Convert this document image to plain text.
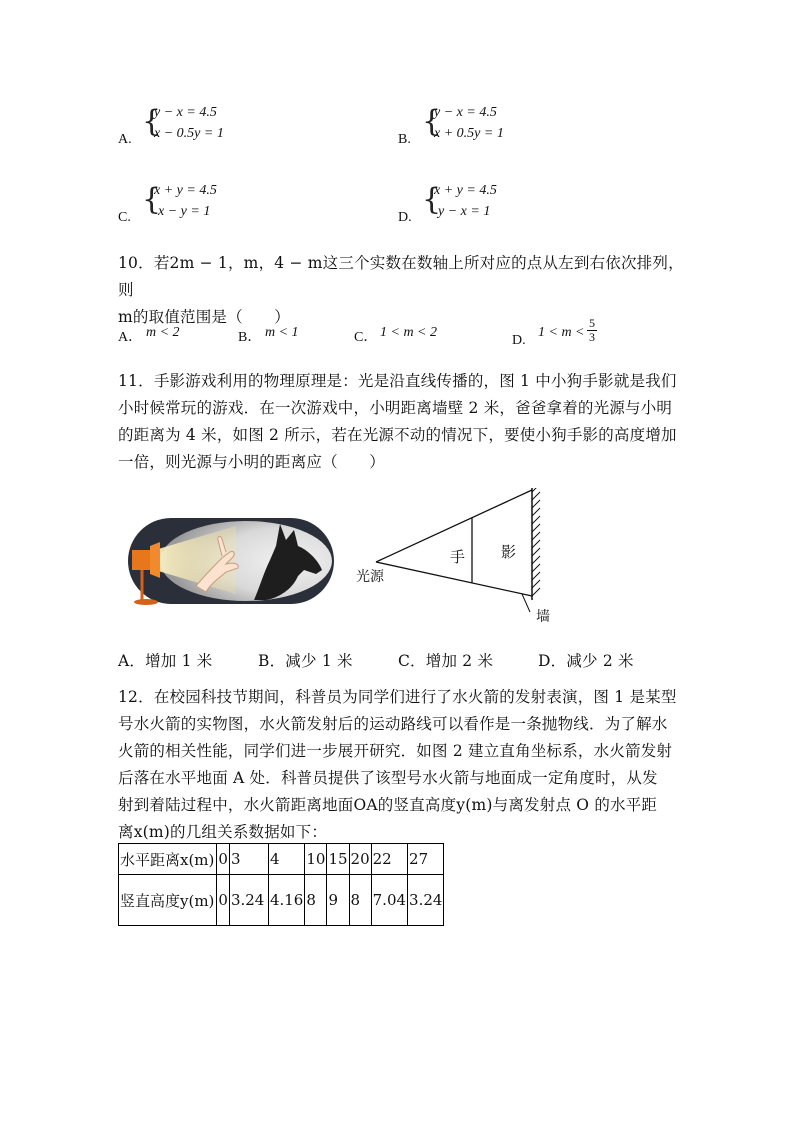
A.
{
y − x = 4.5
x − 0.5y = 1	B.
{
y − x = 4.5
x + 0.5y = 1
C.
{
x + y = 4.5
x − y = 1	D.
{
x + y = 4.5
y − x = 1
10．若2m − 1，m，4 − m这三个实数在数轴上所对应的点从左到右依次排列，则
m的取值范围是（　　）
A． m < 2	B． m < 1	C． 1 < m < 2
D.
$1 < m < \frac{5}{3}$
11．手影游戏利用的物理原理是：光是沿直线传播的，图 1 中小狗手影就是我们
小时候常玩的游戏．在一次游戏中，小明距离墙壁 2 米，爸爸拿着的光源与小明
的距离为 4 米，如图 2 所示，若在光源不动的情况下，要使小狗手影的高度增加
一倍，则光源与小明的距离应（　　）
光源
手 影
墙
A．增加 1 米	B．减少 1 米	C．增加 2 米	D．减少 2 米
12．在校园科技节期间，科普员为同学们进行了水火箭的发射表演，图 1 是某型
号水火箭的实物图，水火箭发射后的运动路线可以看作是一条抛物线．为了解水
火箭的相关性能，同学们进一步展开研究．如图 2 建立直角坐标系，水火箭发射
后落在水平地面 A 处．科普员提供了该型号水火箭与地面成一定角度时，从发
射到着陆过程中，水火箭距离地面OA的竖直高度y(m)与离发射点 O 的水平距
离x(m)的几组关系数据如下：
水平距离x(m)	0	3	4	10	15	20	22	27
竖直高度y(m)	0	3.24	4.16	8	9	8	7.04	3.24
